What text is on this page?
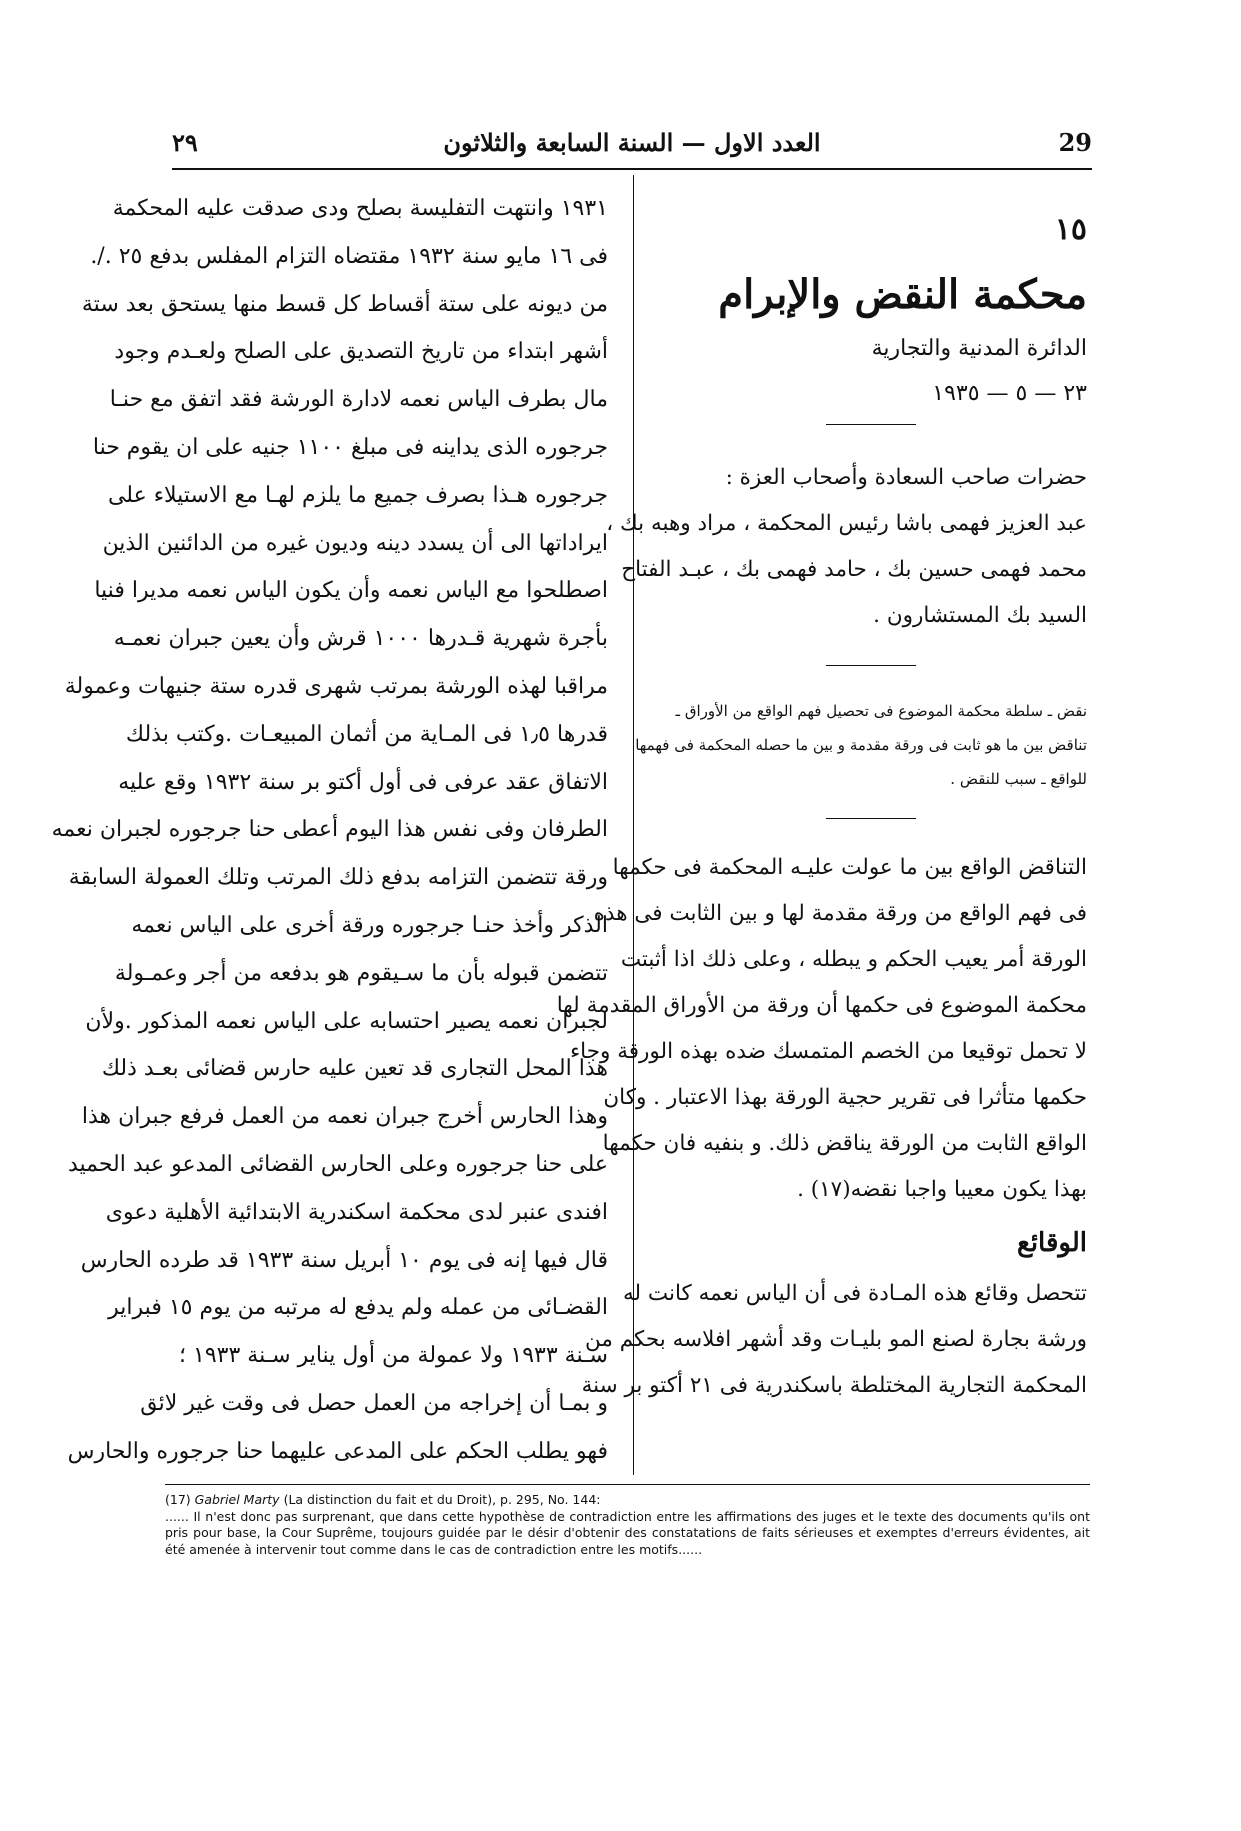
٢٩	العدد الاول — السنة السابعة والثلاثون	29
١٥
محكمة النقض والإبرام
الدائرة المدنية والتجارية
٢٣ — ٥ — ١٩٣٥
حضرات صاحب السعادة وأصحاب العزة :
عبد العزيز فهمى باشا رئيس المحكمة ، مراد وهبه بك ،
محمد فهمى حسين بك ، حامد فهمى بك ، عبـد الفتاح
السيد بك المستشارون .
نقض ـ سلطة محكمة الموضوع فى تحصيل فهم الواقع من الأوراق ـ
تناقض بين ما هو ثابت فى ورقة مقدمة و بين ما حصله المحكمة فى فهمها
للواقع ـ سبب للنقض .
التناقض الواقع بين ما عولت عليـه المحكمة فى حكمها
فى فهم الواقع من ورقة مقدمة لها و بين الثابت فى هذه
الورقة أمر يعيب الحكم و يبطله ، وعلى ذلك اذا أثبتت
محكمة الموضوع فى حكمها أن ورقة من الأوراق المقدمة لها
لا تحمل توقيعا من الخصم المتمسك ضده بهذه الورقة وجاء
حكمها متأثرا فى تقرير حجية الورقة بهذا الاعتبار . وكان
الواقع الثابت من الورقة يناقض ذلك. و بنفيه فان حكمها
بهذا يكون معيبا واجبا نقضه(١٧) .
الوقائع
تتحصل وقائع هذه المـادة فى أن الياس نعمه كانت له
ورشة بجارة لصنع المو بليـات وقد أشهر افلاسه بحكم من
المحكمة التجارية المختلطة باسكندرية فى ٢١ أكتو بر سنة
١٩٣١ وانتهت التفليسة بصلح ودى صدقت عليه المحكمة
فى ١٦ مايو سنة ١٩٣٢ مقتضاه التزام المفلس بدفع ٢٥ ./.
من ديونه على ستة أقساط كل قسط منها يستحق بعد ستة
أشهر ابتداء من تاريخ التصديق على الصلح ولعـدم وجود
مال بطرف الياس نعمه لادارة الورشة فقد اتفق مع حنـا
جرجوره الذى يداينه فى مبلغ ١١٠٠ جنيه على ان يقوم حنا
جرجوره هـذا بصرف جميع ما يلزم لهـا مع الاستيلاء على
ايراداتها الى أن يسدد دينه وديون غيره من الدائنين الذين
اصطلحوا مع الياس نعمه وأن يكون الياس نعمه مديرا فنيا
بأجرة شهرية قـدرها ١٠٠٠ قرش وأن يعين جبران نعمـه
مراقبا لهذه الورشة بمرتب شهرى قدره ستة جنيهات وعمولة
قدرها ١٫٥ فى المـاية من أثمان المبيعـات .وكتب بذلك
الاتفاق عقد عرفى فى أول أكتو بر سنة ١٩٣٢ وقع عليه
الطرفان وفى نفس هذا اليوم أعطى حنا جرجوره لجبران نعمه
ورقة تتضمن التزامه بدفع ذلك المرتب وتلك العمولة السابقة
الذكر وأخذ حنـا جرجوره ورقة أخرى على الياس نعمه
تتضمن قبوله بأن ما سـيقوم هو بدفعه من أجر وعمـولة
لجبران نعمه يصير احتسابه على الياس نعمه المذكور .ولأن
هذا المحل التجارى قد تعين عليه حارس قضائى بعـد ذلك
وهذا الحارس أخرج جبران نعمه من العمل فرفع جبران هذا
على حنا جرجوره وعلى الحارس القضائى المدعو عبد الحميد
افندى عنبر لدى محكمة اسكندرية الابتدائية الأهلية دعوى
قال فيها إنه فى يوم ١٠ أبريل سنة ١٩٣٣ قد طرده الحارس
القضـائى من عمله ولم يدفع له مرتبه من يوم ١٥ فبراير
سـنة ١٩٣٣ ولا عمولة من أول يناير سـنة ١٩٣٣ ؛
و بمـا أن إخراجه من العمل حصل فى وقت غير لائق
فهو يطلب الحكم على المدعى عليهما حنا جرجوره والحارس

(17) Gabriel Marty (La distinction du fait et du Droit), p. 295, No. 144:

...... Il n'est donc pas surprenant, que dans cette hypothèse de contradiction entre les affirmations des juges et le texte des documents qu'ils ont pris pour base, la Cour Suprême, toujours guidée par le désir d'obtenir des constatations de faits sérieuses et exemptes d'erreurs évidentes, ait été amenée à intervenir tout comme dans le cas de contradiction entre les motifs......
